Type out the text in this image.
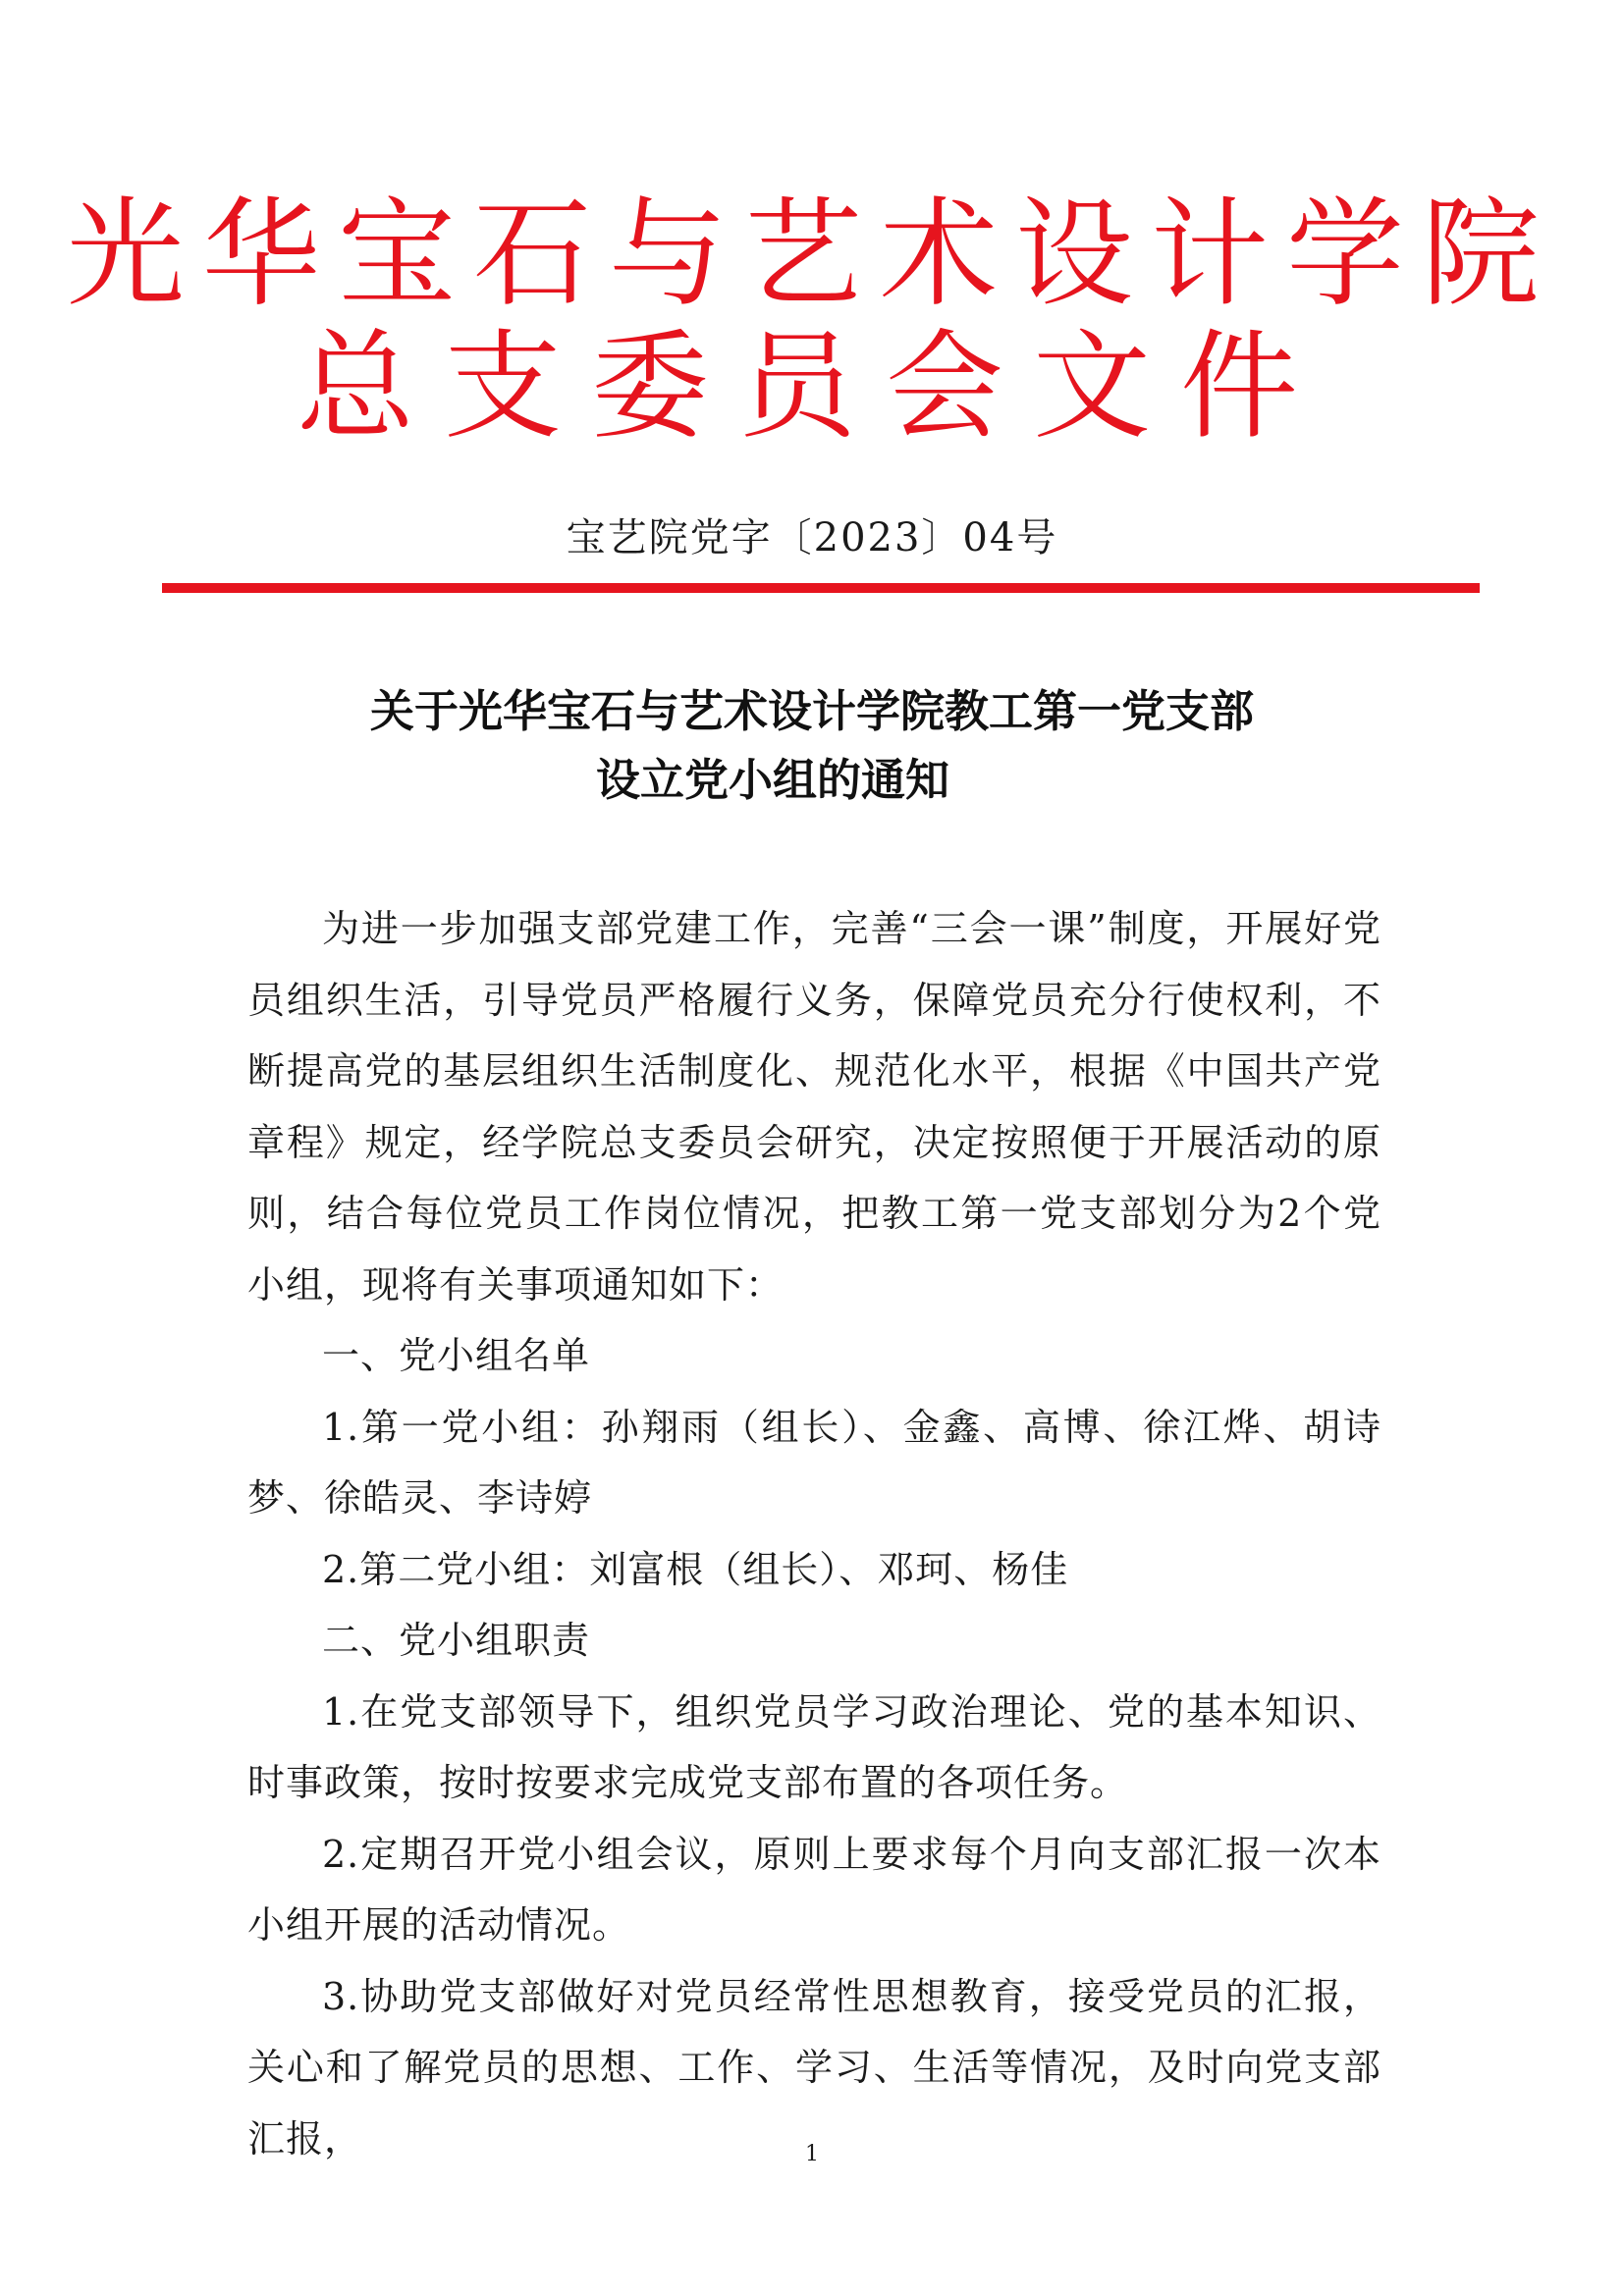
光华宝石与艺术设计学院
总支委员会文件
宝艺院党字〔2023〕04号
关于光华宝石与艺术设计学院教工第一党支部
设立党小组的通知

为进一步加强支部党建工作，完善“三会一课”制度，开展好党员组织生活，引导党员严格履行义务，保障党员充分行使权利，不断提高党的基层组织生活制度化、规范化水平，根据《中国共产党章程》规定，经学院总支委员会研究，决定按照便于开展活动的原则，结合每位党员工作岗位情况，把教工第一党支部划分为2个党小组，现将有关事项通知如下：

一、党小组名单

1.第一党小组：孙翔雨（组长）、金鑫、高博、徐江烨、胡诗梦、徐皓灵、李诗婷

2.第二党小组：刘富根（组长）、邓珂、杨佳

二、党小组职责

1.在党支部领导下，组织党员学习政治理论、党的基本知识、时事政策，按时按要求完成党支部布置的各项任务。

2.定期召开党小组会议，原则上要求每个月向支部汇报一次本小组开展的活动情况。

3.协助党支部做好对党员经常性思想教育，接受党员的汇报，关心和了解党员的思想、工作、学习、生活等情况，及时向党支部汇报，	1
